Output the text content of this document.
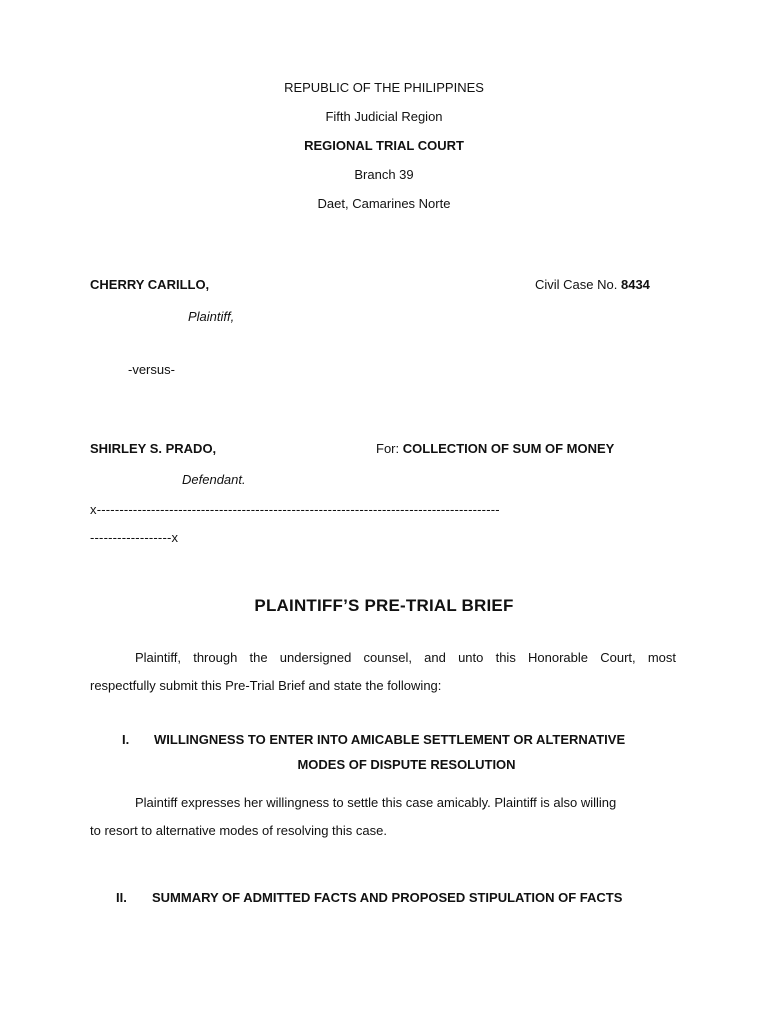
REPUBLIC OF THE PHILIPPINES
Fifth Judicial Region
REGIONAL TRIAL COURT
Branch 39
Daet, Camarines Norte
CHERRY CARILLO,	Civil Case No. 8434
Plaintiff,
-versus-
SHIRLEY S. PRADO,	For: COLLECTION OF SUM OF MONEY
Defendant.
x-----------------------------------------------------------------------------------------
------------------x
PLAINTIFF’S PRE-TRIAL BRIEF
Plaintiff, through the undersigned counsel, and unto this Honorable Court, most
respectfully submit this Pre-Trial Brief and state the following:
I. WILLINGNESS TO ENTER INTO AMICABLE SETTLEMENT OR ALTERNATIVE
MODES OF DISPUTE RESOLUTION
Plaintiff expresses her willingness to settle this case amicably. Plaintiff is also willing
to resort to alternative modes of resolving this case.
II. SUMMARY OF ADMITTED FACTS AND PROPOSED STIPULATION OF FACTS
